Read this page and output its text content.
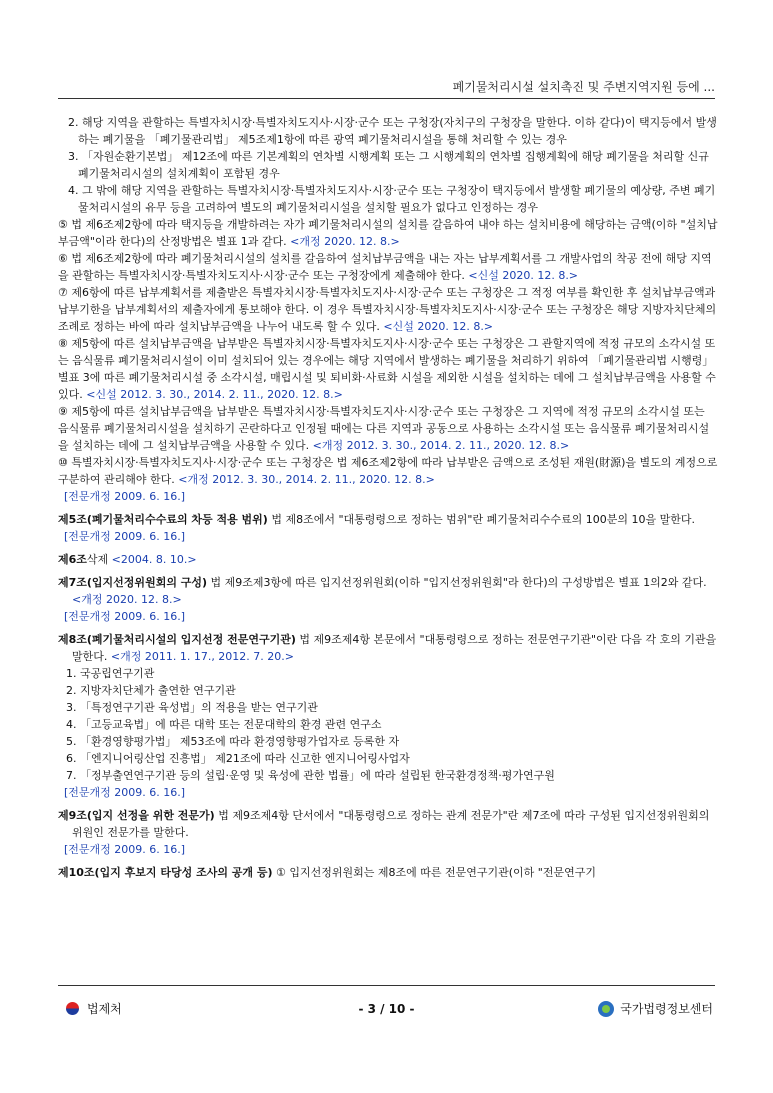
폐기물처리시설 설치촉진 및 주변지역지원 등에 ...

2. 해당 지역을 관할하는 특별자치시장·특별자치도지사·시장·군수 또는 구청장(자치구의 구청장을 말한다. 이하 같다)이 택지등에서 발생하는 폐기물을 「폐기물관리법」 제5조제1항에 따른 광역 폐기물처리시설을 통해 처리할 수 있는 경우

3. 「자원순환기본법」 제12조에 따른 기본계획의 연차별 시행계획 또는 그 시행계획의 연차별 집행계획에 해당 폐기물을 처리할 신규 폐기물처리시설의 설치계획이 포함된 경우

4. 그 밖에 해당 지역을 관할하는 특별자치시장·특별자치도지사·시장·군수 또는 구청장이 택지등에서 발생할 폐기물의 예상량, 주변 폐기물처리시설의 유무 등을 고려하여 별도의 폐기물처리시설을 설치할 필요가 없다고 인정하는 경우

⑤ 법 제6조제2항에 따라 택지등을 개발하려는 자가 폐기물처리시설의 설치를 갈음하여 내야 하는 설치비용에 해당하는 금액(이하 "설치납부금액"이라 한다)의 산정방법은 별표 1과 같다. <개정 2020. 12. 8.>

⑥ 법 제6조제2항에 따라 폐기물처리시설의 설치를 갈음하여 설치납부금액을 내는 자는 납부계획서를 그 개발사업의 착공 전에 해당 지역을 관할하는 특별자치시장·특별자치도지사·시장·군수 또는 구청장에게 제출해야 한다. <신설 2020. 12. 8.>

⑦ 제6항에 따른 납부계획서를 제출받은 특별자치시장·특별자치도지사·시장·군수 또는 구청장은 그 적정 여부를 확인한 후 설치납부금액과 납부기한을 납부계획서의 제출자에게 통보해야 한다. 이 경우 특별자치시장·특별자치도지사·시장·군수 또는 구청장은 해당 지방자치단체의 조례로 정하는 바에 따라 설치납부금액을 나누어 내도록 할 수 있다. <신설 2020. 12. 8.>

⑧ 제5항에 따른 설치납부금액을 납부받은 특별자치시장·특별자치도지사·시장·군수 또는 구청장은 그 관할지역에 적정 규모의 소각시설 또는 음식물류 폐기물처리시설이 이미 설치되어 있는 경우에는 해당 지역에서 발생하는 폐기물을 처리하기 위하여 「폐기물관리법 시행령」 별표 3에 따른 폐기물처리시설 중 소각시설, 매립시설 및 퇴비화·사료화 시설을 제외한 시설을 설치하는 데에 그 설치납부금액을 사용할 수 있다. <신설 2012. 3. 30., 2014. 2. 11., 2020. 12. 8.>

⑨ 제5항에 따른 설치납부금액을 납부받은 특별자치시장·특별자치도지사·시장·군수 또는 구청장은 그 지역에 적정 규모의 소각시설 또는 음식물류 폐기물처리시설을 설치하기 곤란하다고 인정될 때에는 다른 지역과 공동으로 사용하는 소각시설 또는 음식물류 폐기물처리시설을 설치하는 데에 그 설치납부금액을 사용할 수 있다. <개정 2012. 3. 30., 2014. 2. 11., 2020. 12. 8.>

⑩ 특별자치시장·특별자치도지사·시장·군수 또는 구청장은 법 제6조제2항에 따라 납부받은 금액으로 조성된 재원(財源)을 별도의 계정으로 구분하여 관리해야 한다. <개정 2012. 3. 30., 2014. 2. 11., 2020. 12. 8.>

[전문개정 2009. 6. 16.]

제5조(폐기물처리수수료의 차등 적용 범위) 법 제8조에서 "대통령령으로 정하는 범위"란 폐기물처리수수료의 100분의 10을 말한다.

[전문개정 2009. 6. 16.]

제6조삭제 <2004. 8. 10.>

제7조(입지선정위원회의 구성) 법 제9조제3항에 따른 입지선정위원회(이하 "입지선정위원회"라 한다)의 구성방법은 별표 1의2와 같다. <개정 2020. 12. 8.>

[전문개정 2009. 6. 16.]

제8조(폐기물처리시설의 입지선정 전문연구기관) 법 제9조제4항 본문에서 "대통령령으로 정하는 전문연구기관"이란 다음 각 호의 기관을 말한다. <개정 2011. 1. 17., 2012. 7. 20.>

1. 국공립연구기관

2. 지방자치단체가 출연한 연구기관

3. 「특정연구기관 육성법」의 적용을 받는 연구기관

4. 「고등교육법」에 따른 대학 또는 전문대학의 환경 관련 연구소

5. 「환경영향평가법」 제53조에 따라 환경영향평가업자로 등록한 자

6. 「엔지니어링산업 진흥법」 제21조에 따라 신고한 엔지니어링사업자

7. 「정부출연연구기관 등의 설립·운영 및 육성에 관한 법률」에 따라 설립된 한국환경정책·평가연구원

[전문개정 2009. 6. 16.]

제9조(입지 선정을 위한 전문가) 법 제9조제4항 단서에서 "대통령령으로 정하는 관계 전문가"란 제7조에 따라 구성된 입지선정위원회의 위원인 전문가를 말한다.

[전문개정 2009. 6. 16.]

제10조(입지 후보지 타당성 조사의 공개 등) ① 입지선정위원회는 제8조에 따른 전문연구기관(이하 "전문연구기

법제처	- 3 / 10 -	국가법령정보센터
